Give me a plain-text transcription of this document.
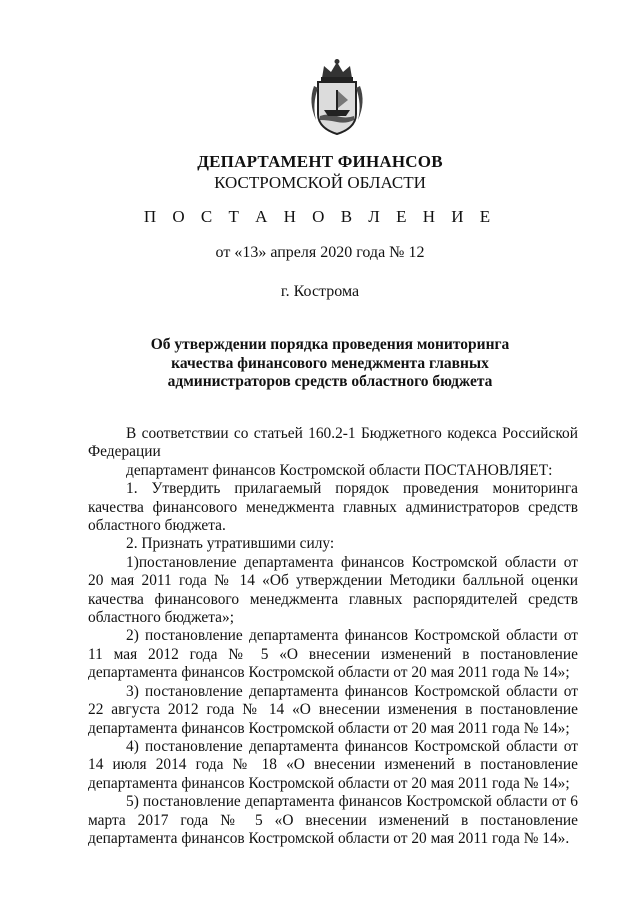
ДЕПАРТАМЕНТ ФИНАНСОВ
КОСТРОМСКОЙ ОБЛАСТИ
П О С Т А Н О В Л Е Н И Е
от «13» апреля 2020 года № 12
г. Кострома
Об утверждении порядка проведения мониторинга качества финансового менеджмента главных администраторов средств областного бюджета

В соответствии со статьей 160.2-1 Бюджетного кодекса Российской Федерации

департамент финансов Костромской области ПОСТАНОВЛЯЕТ:

1. Утвердить прилагаемый порядок проведения мониторинга качества финансового менеджмента главных администраторов средств областного бюджета.

2. Признать утратившими силу:

1)постановление департамента финансов Костромской области от 20 мая 2011 года № 14 «Об утверждении Методики балльной оценки качества финансового менеджмента главных распорядителей средств областного бюджета»;

2) постановление департамента финансов Костромской области от 11 мая 2012 года № 5 «О внесении изменений в постановление департамента финансов Костромской области от 20 мая 2011 года № 14»;

3) постановление департамента финансов Костромской области от 22 августа 2012 года № 14 «О внесении изменения в постановление департамента финансов Костромской области от 20 мая 2011 года № 14»;

4) постановление департамента финансов Костромской области от 14 июля 2014 года № 18 «О внесении изменений в постановление департамента финансов Костромской области от 20 мая 2011 года № 14»;

5) постановление департамента финансов Костромской области от 6 марта 2017 года № 5 «О внесении изменений в постановление департамента финансов Костромской области от 20 мая 2011 года № 14».
